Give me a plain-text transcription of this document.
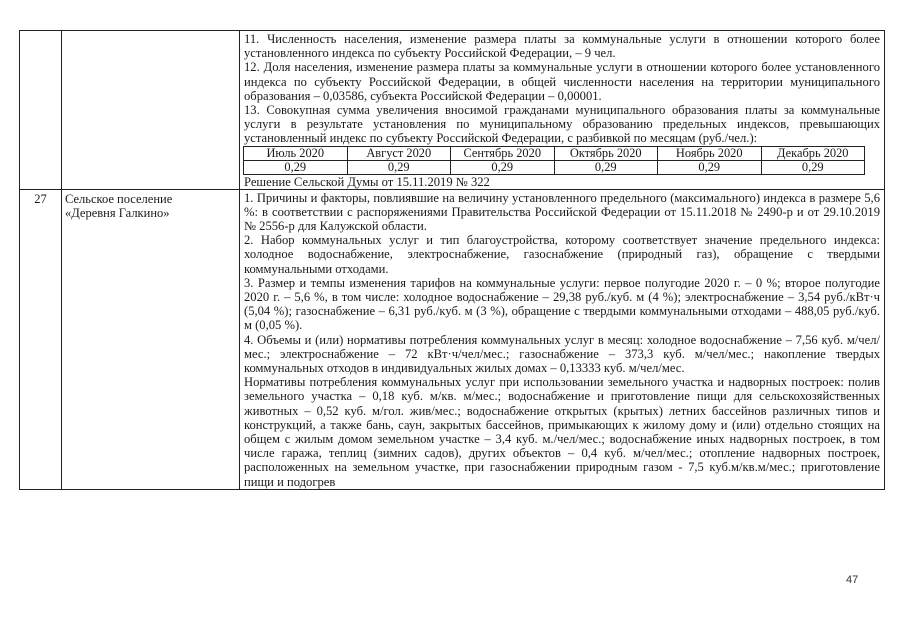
11. Численность населения, изменение размера платы за коммунальные услуги в отношении которого более установленного индекса по субъекту Российской Федерации, – 9 чел.

12. Доля населения, изменение размера платы за коммунальные услуги в отношении которого более установленного индекса по субъекту Российской Федерации, в общей численности населения на территории муниципального образования – 0,03586, субъекта Российской Федерации – 0,00001.

13. Совокупная сумма увеличения вносимой гражданами муниципального образования платы за коммунальные услуги в результате установления по муниципальному образованию предельных индексов, превышающих установленный индекс по субъекту Российской Федерации, с разбивкой по месяцам (руб./чел.):

Июль 2020	Август 2020	Сентябрь 2020	Октябрь 2020	Ноябрь 2020	Декабрь 2020
0,29	0,29	0,29	0,29	0,29	0,29

Решение Сельской Думы от 15.11.2019 № 322

27	Сельское поселение
«Деревня Галкино»

1. Причины и факторы, повлиявшие на величину установленного предельного (максимального) индекса в размере 5,6 %: в соответствии с распоряжениями Правительства Российской Федерации от 15.11.2018 № 2490-р и от 29.10.2019 № 2556-р для Калужской области.

2. Набор коммунальных услуг и тип благоустройства, которому соответствует значение предельного индекса: холодное водоснабжение, электроснабжение, газоснабжение (природный газ), обращение с твердыми коммунальными отходами.

3. Размер и темпы изменения тарифов на коммунальные услуги: первое полугодие 2020 г. – 0 %; второе полугодие 2020 г. – 5,6 %, в том числе: холодное водоснабжение – 29,38 руб./куб. м (4 %); электроснабжение – 3,54 руб./кВт·ч (5,04 %); газоснабжение – 6,31 руб./куб. м (3 %), обращение с твердыми коммунальными отходами – 488,05 руб./куб. м (0,05 %).

4. Объемы и (или) нормативы потребления коммунальных услуг в месяц: холодное водоснабжение – 7,56 куб. м/чел/мес.; электроснабжение – 72 кВт·ч/чел/мес.; газоснабжение – 373,3 куб. м/чел/мес.; накопление твердых коммунальных отходов в индивидуальных жилых домах – 0,13333 куб. м/чел/мес.

Нормативы потребления коммунальных услуг при использовании земельного участка и надворных построек: полив земельного участка – 0,18 куб. м/кв. м/мес.; водоснабжение и приготовление пищи для сельскохозяйственных животных – 0,52 куб. м/гол. жив/мес.; водоснабжение открытых (крытых) летних бассейнов различных типов и конструкций, а также бань, саун, закрытых бассейнов, примыкающих к жилому дому и (или) отдельно стоящих на общем с жилым домом земельном участке – 3,4 куб. м./чел/мес.; водоснабжение иных надворных построек, в том числе гаража, теплиц (зимних садов), других объектов – 0,4 куб. м/чел/мес.; отопление надворных построек, расположенных на земельном участке, при газоснабжении природным газом - 7,5 куб.м/кв.м/мес.; приготовление пищи и подогрев

47
